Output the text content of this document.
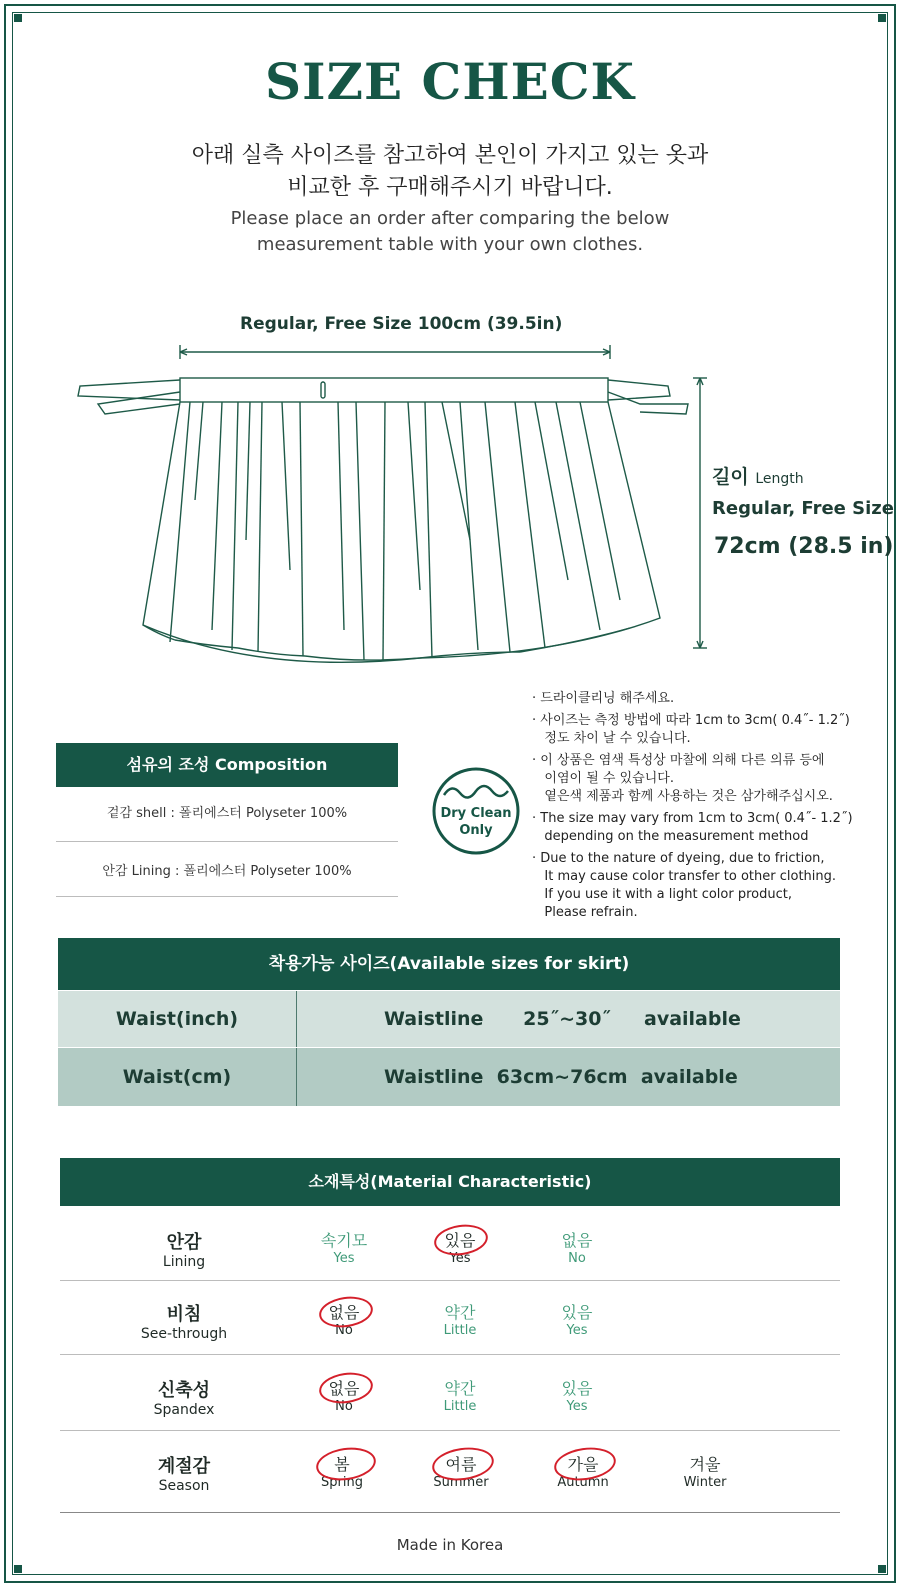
SIZE CHECK
아래 실측 사이즈를 참고하여 본인이 가지고 있는 옷과
비교한 후 구매해주시기 바랍니다.
Please place an order after comparing the below
measurement table with your own clothes.
Regular, Free Size 100cm (39.5in)
길이 Length
Regular, Free Size
72cm (28.5 in)
섬유의 조성 Composition
겉감 shell : 폴리에스터 Polyseter 100%
안감 Lining : 폴리에스터 Polyseter 100%
Dry Clean
Only
· 드라이클리닝 해주세요.
· 사이즈는 측정 방법에 따라 1cm to 3cm( 0.4˝- 1.2˝)
정도 차이 날 수 있습니다.
· 이 상품은 염색 특성상 마찰에 의해 다른 의류 등에
이염이 될 수 있습니다.
옅은색 제품과 함께 사용하는 것은 삼가해주십시오.
· The size may vary from 1cm to 3cm( 0.4˝- 1.2˝)
depending on the measurement method
· Due to the nature of dyeing, due to friction,
It may cause color transfer to other clothing.
If you use it with a light color product,
Please refrain.
착용가능 사이즈(Available sizes for skirt)
Waist(inch)	Waistline      25˝~30˝     available
Waist(cm)	Waistline  63cm~76cm  available
소재특성(Material Characteristic)
안감
Lining
속기모
Yes
있음
Yes
없음
No
비침
See-through
없음
No
약간
Little
있음
Yes
신축성
Spandex
없음
No
약간
Little
있음
Yes
계절감
Season
봄
Spring
여름
Summer
가을
Autumn
겨울
Winter
Made in Korea
